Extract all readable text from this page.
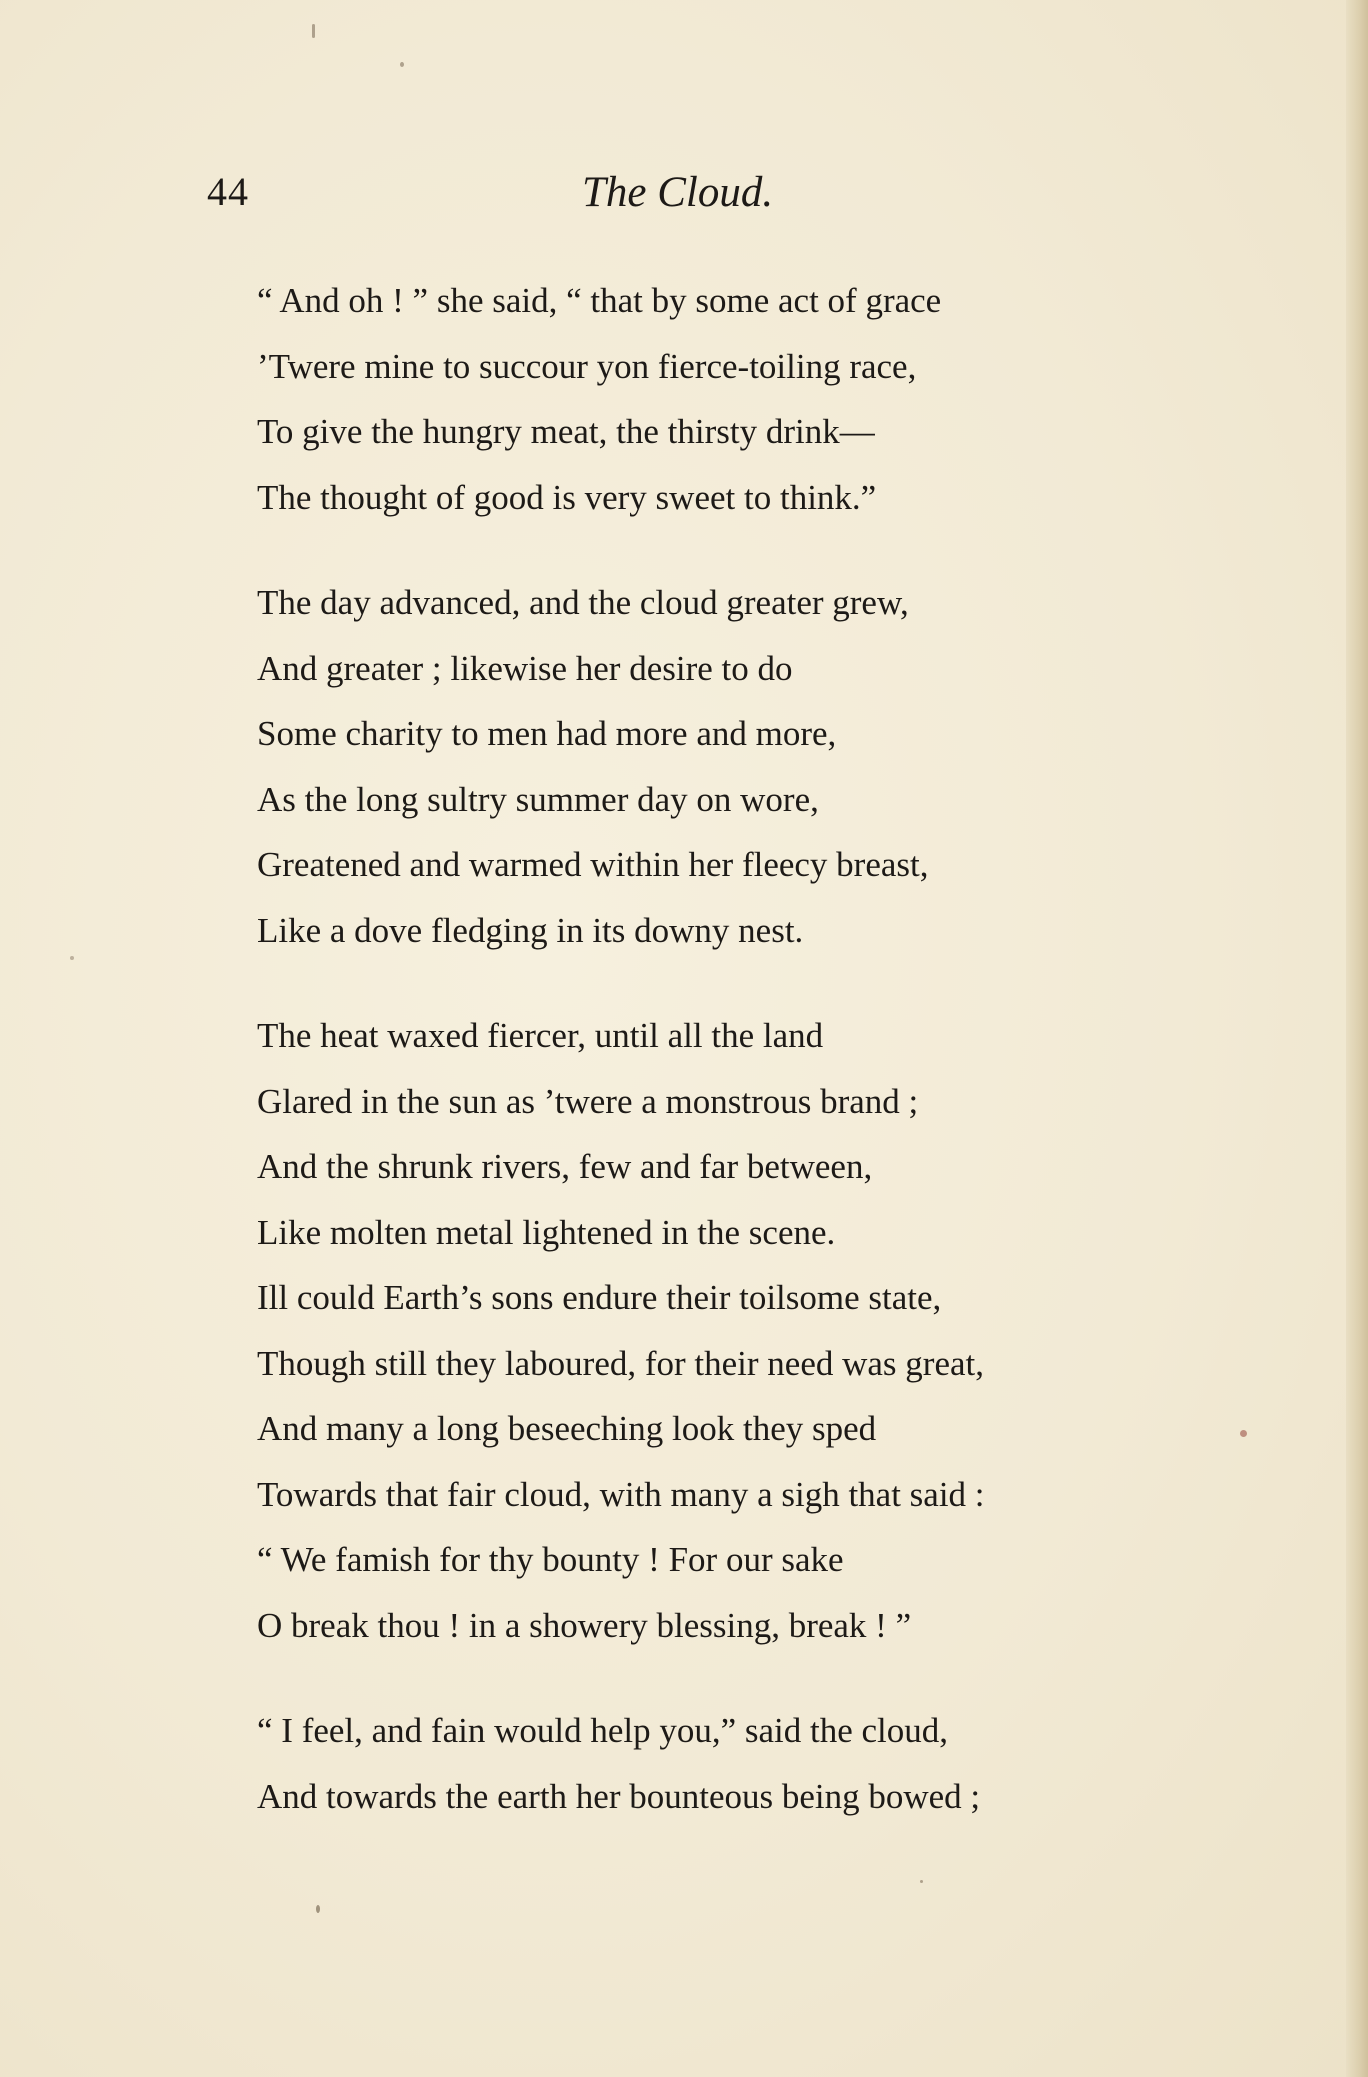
44	The Cloud.
“ And oh ! ” she said, “ that by some act of grace
’Twere mine to succour yon fierce-toiling race,
To give the hungry meat, the thirsty drink—
The thought of good is very sweet to think.”
The day advanced, and the cloud greater grew,
And greater ; likewise her desire to do
Some charity to men had more and more,
As the long sultry summer day on wore,
Greatened and warmed within her fleecy breast,
Like a dove fledging in its downy nest.
The heat waxed fiercer, until all the land
Glared in the sun as ’twere a monstrous brand ;
And the shrunk rivers, few and far between,
Like molten metal lightened in the scene.
Ill could Earth’s sons endure their toilsome state,
Though still they laboured, for their need was great,
And many a long beseeching look they sped
Towards that fair cloud, with many a sigh that said :
“ We famish for thy bounty ! For our sake
O break thou ! in a showery blessing, break ! ”
“ I feel, and fain would help you,” said the cloud,
And towards the earth her bounteous being bowed ;
